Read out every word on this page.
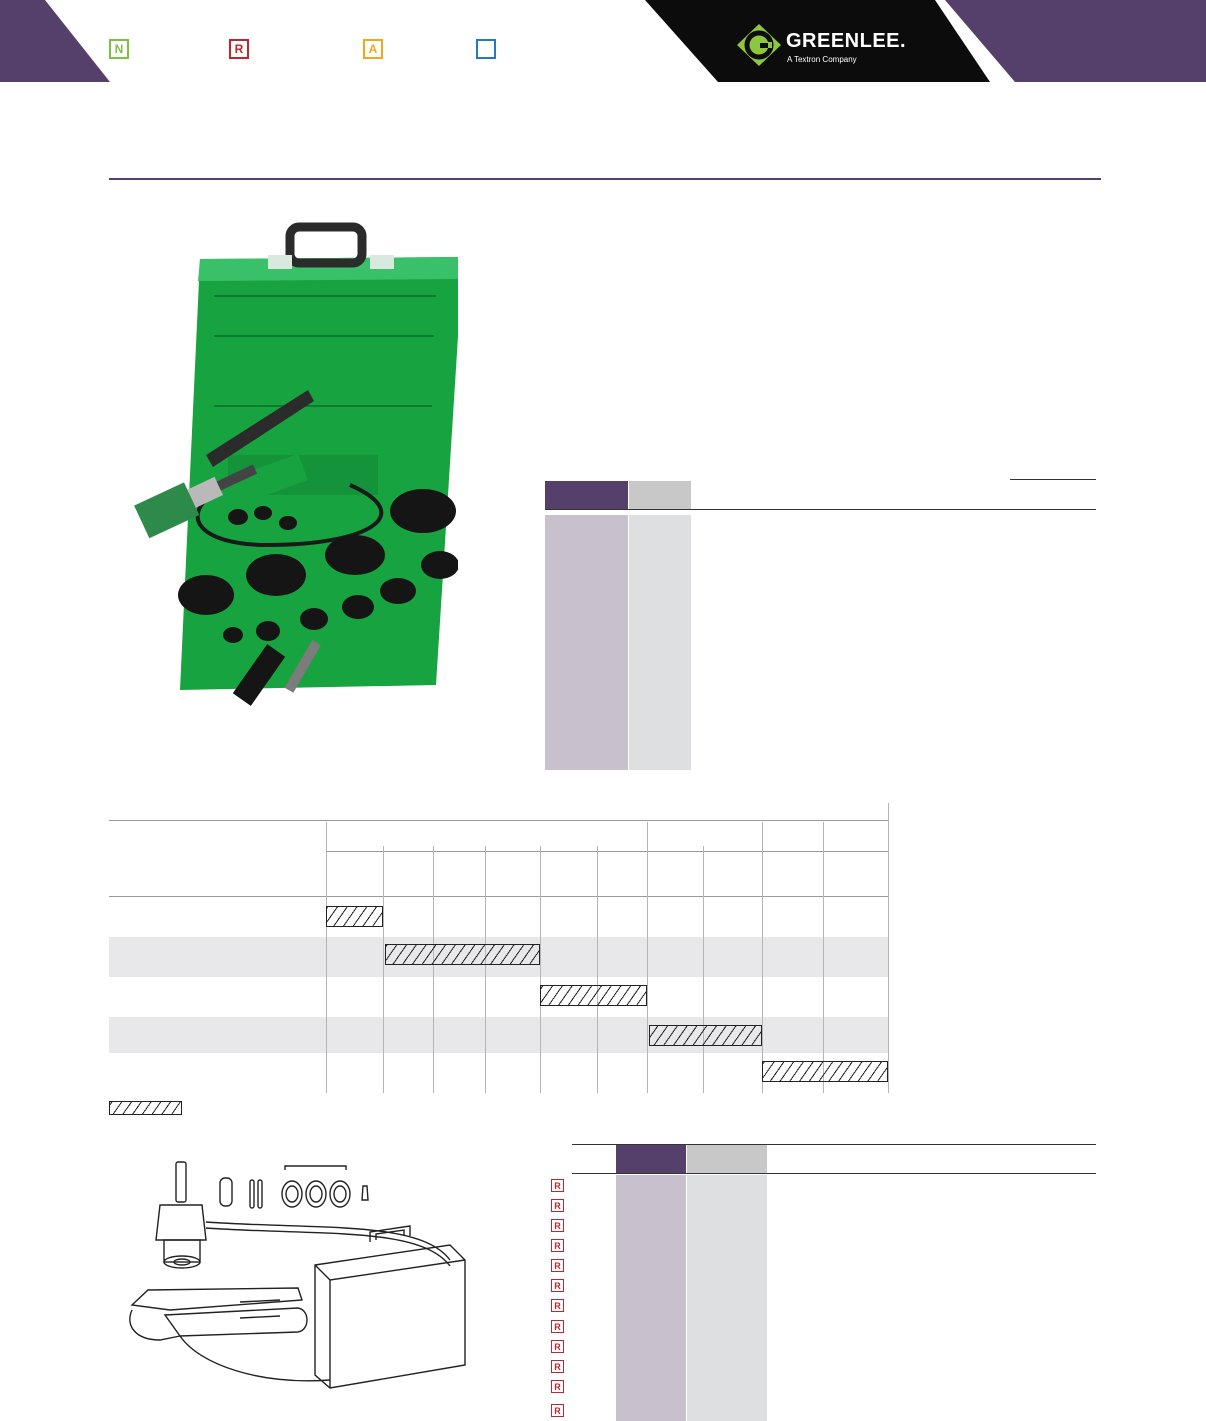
N	R	A	GREENLEE.
A Textron Company
R
R
R
R
R
R
R
R
R
R
R
R
